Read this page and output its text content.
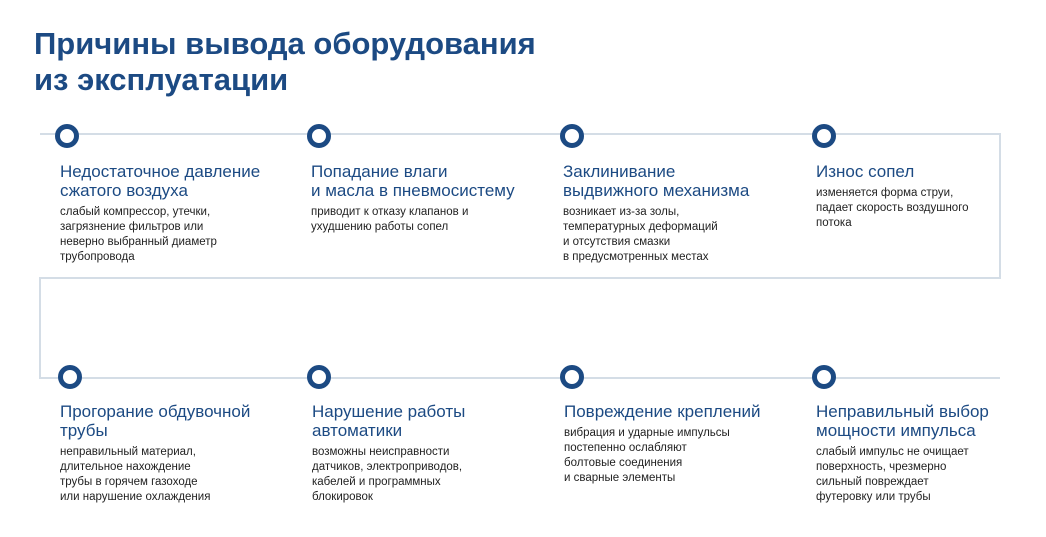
Причины вывода оборудования
из эксплуатации
Недостаточное давление
сжатого воздуха
слабый компрессор, утечки,
загрязнение фильтров или
неверно выбранный диаметр
трубопровода
Попадание влаги
и масла в пневмосистему
приводит к отказу клапанов и
ухудшению работы сопел
Заклинивание
выдвижного механизма
возникает из-за золы,
температурных деформаций
и отсутствия смазки
в предусмотренных местах
Износ сопел
изменяется форма струи,
падает скорость воздушного
потока
Прогорание обдувочной
трубы
неправильный материал,
длительное нахождение
трубы в горячем газоходе
или нарушение охлаждения
Нарушение работы
автоматики
возможны неисправности
датчиков, электроприводов,
кабелей и программных
блокировок
Повреждение креплений
вибрация и ударные импульсы
постепенно ослабляют
болтовые соединения
и сварные элементы
Неправильный выбор
мощности импульса
слабый импульс не очищает
поверхность, чрезмерно
сильный повреждает
футеровку или трубы
